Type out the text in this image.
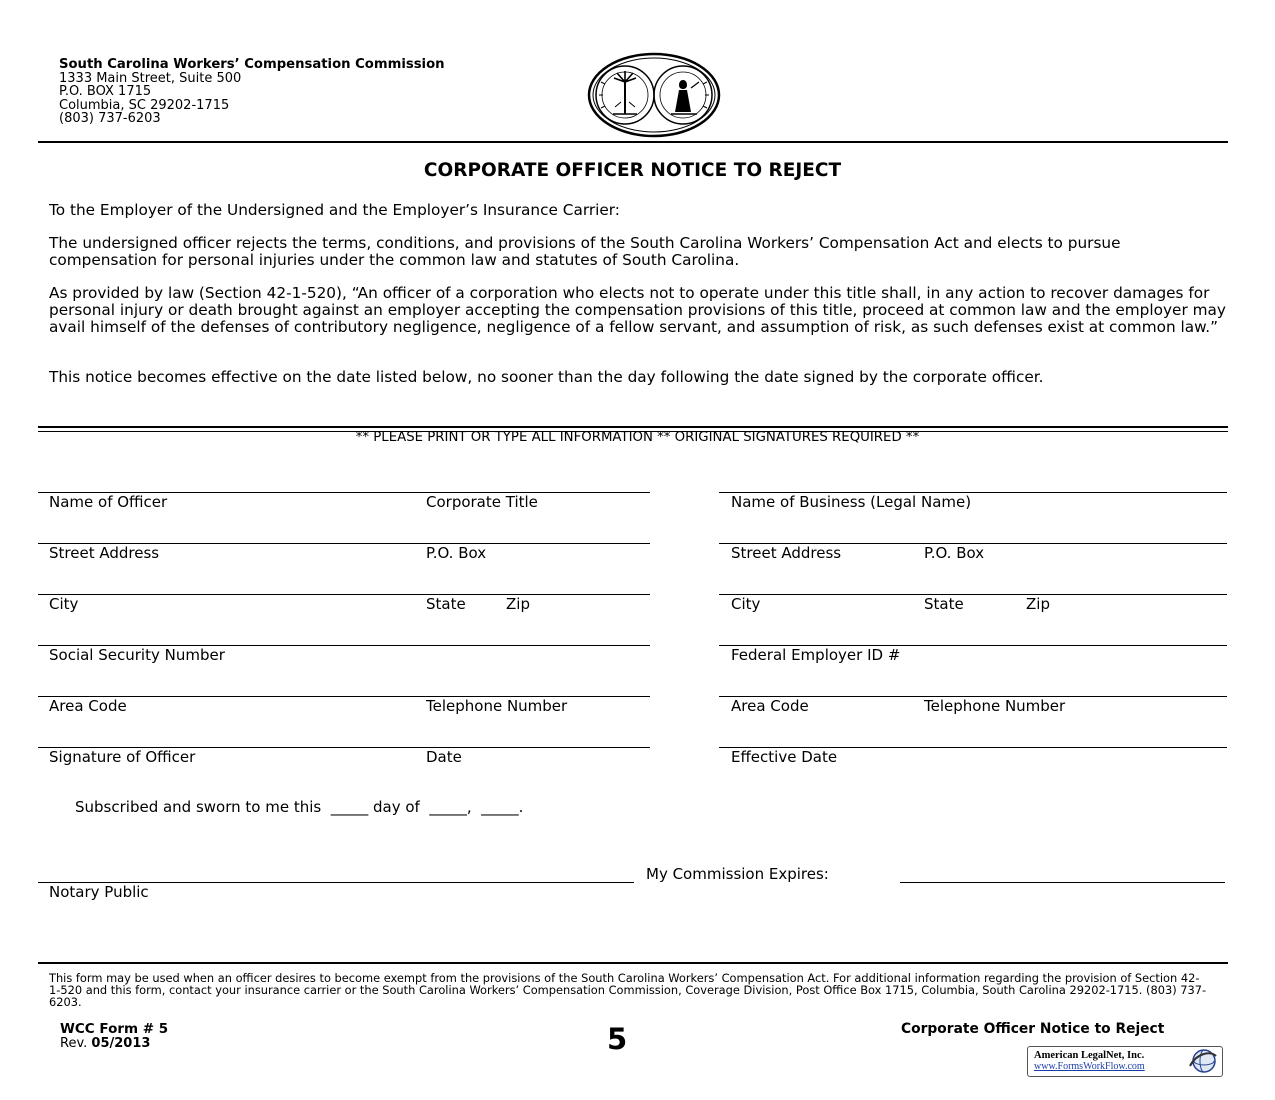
South Carolina Workers’ Compensation Commission
1333 Main Street, Suite 500
P.O. BOX 1715
Columbia, SC 29202-1715
(803) 737-6203
CORPORATE OFFICER NOTICE TO REJECT
To the Employer of the Undersigned and the Employer’s Insurance Carrier:
The undersigned officer rejects the terms, conditions, and provisions of the South Carolina Workers’ Compensation Act and elects to pursue compensation for personal injuries under the common law and statutes of South Carolina.
As provided by law (Section 42-1-520), “An officer of a corporation who elects not to operate under this title shall, in any action to recover damages for personal injury or death brought against an employer accepting the compensation provisions of this title, proceed at common law and the employer may avail himself of the defenses of contributory negligence, negligence of a fellow servant, and assumption of risk, as such defenses exist at common law.”
This notice becomes effective on the date listed below, no sooner than the day following the date signed by the corporate officer.
** PLEASE PRINT OR TYPE ALL INFORMATION ** ORIGINAL SIGNATURES REQUIRED **
Name of Officer	Corporate Title
Street Address	P.O. Box
City	State	Zip
Social Security Number
Area Code	Telephone Number
Signature of Officer	Date
Name of Business (Legal Name)
Street Address	P.O. Box
City	State	Zip
Federal Employer ID #
Area Code	Telephone Number
Effective Date
Subscribed and sworn to me this  _____ day of  _____,  _____.
My Commission Expires:
Notary Public
This form may be used when an officer desires to become exempt from the provisions of the South Carolina Workers’ Compensation Act. For additional information regarding the provision of Section 42-1-520 and this form, contact your insurance carrier or the South Carolina Workers’ Compensation Commission, Coverage Division, Post Office Box 1715, Columbia, South Carolina 29202-1715. (803) 737-6203.
WCC Form # 5
Rev. 05/2013	5	Corporate Officer Notice to Reject
American LegalNet, Inc.
www.FormsWorkFlow.com
